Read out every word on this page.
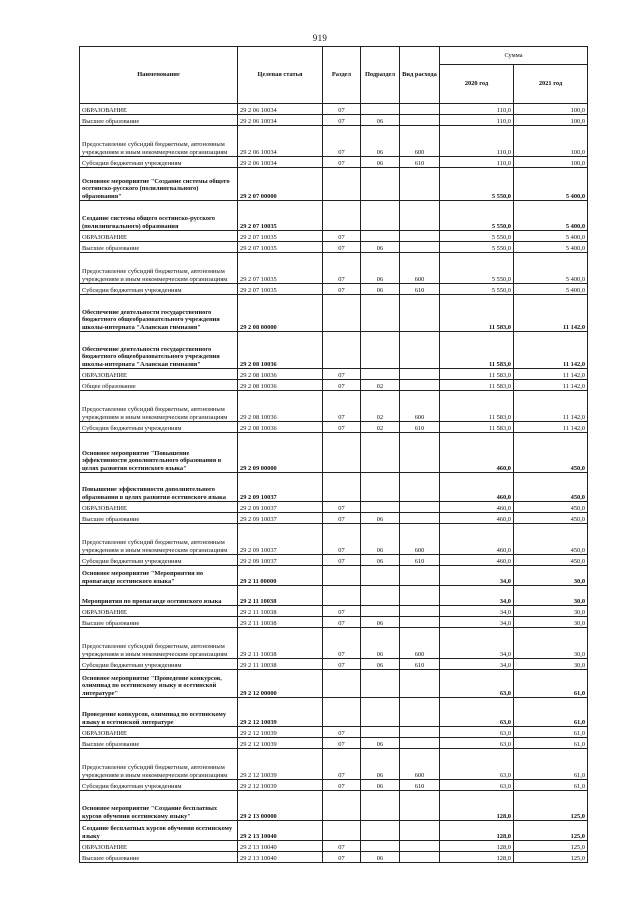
919
Наименование	Целевая статья	Раздел	Подраздел	Вид расхода	Сумма	
					2020 год	2021 год
ОБРАЗОВАНИЕ	29 2 06 10034	07			110,0	100,0
Высшее образование	29 2 06 10034	07	06		110,0	100,0
Предоставление субсидий бюджетным, автономным учреждениям и иным некоммерческим организациям	29 2 06 10034	07	06	600	110,0	100,0
Субсидии бюджетным учреждениям	29 2 06 10034	07	06	610	110,0	100,0
Основное мероприятие "Создание системы общего осетинско-русского (полилингвального) образования"	29 2 07 00000				5 550,0	5 400,0
Создание системы общего осетинско-русского (полилингвального) образования	29 2 07 10035				5 550,0	5 400,0
ОБРАЗОВАНИЕ	29 2 07 10035	07			5 550,0	5 400,0
Высшее образование	29 2 07 10035	07	06		5 550,0	5 400,0
Предоставление субсидий бюджетным, автономным учреждениям и иным некоммерческим организациям	29 2 07 10035	07	06	600	5 550,0	5 400,0
Субсидии бюджетным учреждениям	29 2 07 10035	07	06	610	5 550,0	5 400,0
Обеспечение деятельности государственного бюджетного общеобразовательного учреждения школы-интерната "Аланская гимназия"	29 2 08 00000				11 583,0	11 142,0
Обеспечение деятельности государственного бюджетного общеобразовательного учреждения школы-интерната "Аланская гимназия"	29 2 08 10036				11 583,0	11 142,0
ОБРАЗОВАНИЕ	29 2 08 10036	07			11 583,0	11 142,0
Общее образование	29 2 08 10036	07	02		11 583,0	11 142,0
Предоставление субсидий бюджетным, автономным учреждениям и иным некоммерческим организациям	29 2 08 10036	07	02	600	11 583,0	11 142,0
Субсидии бюджетным учреждениям	29 2 08 10036	07	02	610	11 583,0	11 142,0
Основное мероприятие "Повышение эффективности дополнительного образования в целях развития осетинского языка"	29 2 09 00000				460,0	450,0
Повышение эффективности дополнительного образования в целях развития осетинского языка	29 2 09 10037				460,0	450,0
ОБРАЗОВАНИЕ	29 2 09 10037	07			460,0	450,0
Высшее образование	29 2 09 10037	07	06		460,0	450,0
Предоставление субсидий бюджетным, автономным учреждениям и иным некоммерческим организациям	29 2 09 10037	07	06	600	460,0	450,0
Субсидии бюджетным учреждениям	29 2 09 10037	07	06	610	460,0	450,0
Основное мероприятие "Мероприятия по пропаганде осетинского языка"	29 2 11 00000				34,0	30,0
Мероприятия по пропаганде осетинского языка	29 2 11 10038				34,0	30,0
ОБРАЗОВАНИЕ	29 2 11 10038	07			34,0	30,0
Высшее образование	29 2 11 10038	07	06		34,0	30,0
Предоставление субсидий бюджетным, автономным учреждениям и иным некоммерческим организациям	29 2 11 10038	07	06	600	34,0	30,0
Субсидии бюджетным учреждениям	29 2 11 10038	07	06	610	34,0	30,0
Основное мероприятие "Проведение конкурсов, олимпиад по осетинскому языку и осетинской литературе"	29 2 12 00000				63,0	61,0
Проведение конкурсов, олимпиад по осетинскому языку и осетинской литературе	29 2 12 10039				63,0	61,0
ОБРАЗОВАНИЕ	29 2 12 10039	07			63,0	61,0
Высшее образование	29 2 12 10039	07	06		63,0	61,0
Предоставление субсидий бюджетным, автономным учреждениям и иным некоммерческим организациям	29 2 12 10039	07	06	600	63,0	61,0
Субсидии бюджетным учреждениям	29 2 12 10039	07	06	610	63,0	61,0
Основное мероприятие "Создание бесплатных курсов обучения осетинскому языку"	29 2 13 00000				128,0	125,0
Создание бесплатных курсов обучения осетинскому языку	29 2 13 10040				128,0	125,0
ОБРАЗОВАНИЕ	29 2 13 10040	07			128,0	125,0
Высшее образование	29 2 13 10040	07	06		128,0	125,0
